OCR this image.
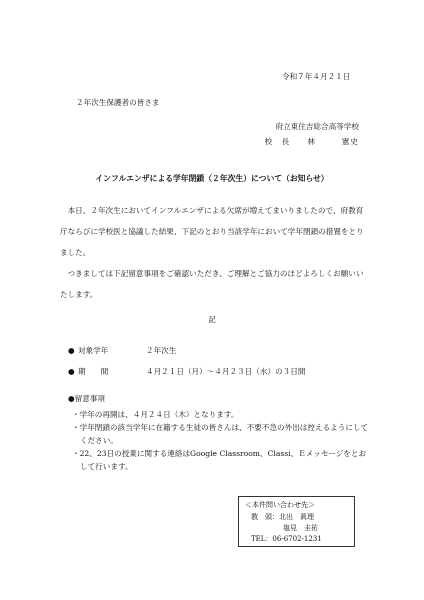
令和７年４月２１日
２年次生保護者の皆さま
府立東住吉総合高等学校
校　長　　林　　　憲史
インフルエンザによる学年閉鎖（２年次生）について（お知らせ）

本日、２年次生においてインフルエンザによる欠席が増えてまいりましたので、府教育庁ならびに学校医と協議した結果、下記のとおり当該学年において学年閉鎖の措置をとりました。

つきましては下記留意事項をご確認いただき、ご理解とご協力のほどよろしくお願いいたします。

記
● 対象学年	２年次生
● 期　　間	４月２１日（月）～４月２３日（水）の３日間
●留意事項
・学年の再開は、４月２４日（木）となります。
・学年閉鎖の該当学年に在籍する生徒の皆さんは、不要不急の外出は控えるようにしてください。
・22、23日の授業に関する連絡はGoogle Classroom、Classi、Ｅメッセージをとおして行います。
＜本件問い合わせ先＞
教　頭：北出　眞理
塩見　圭祐
TEL：06-6702-1231
